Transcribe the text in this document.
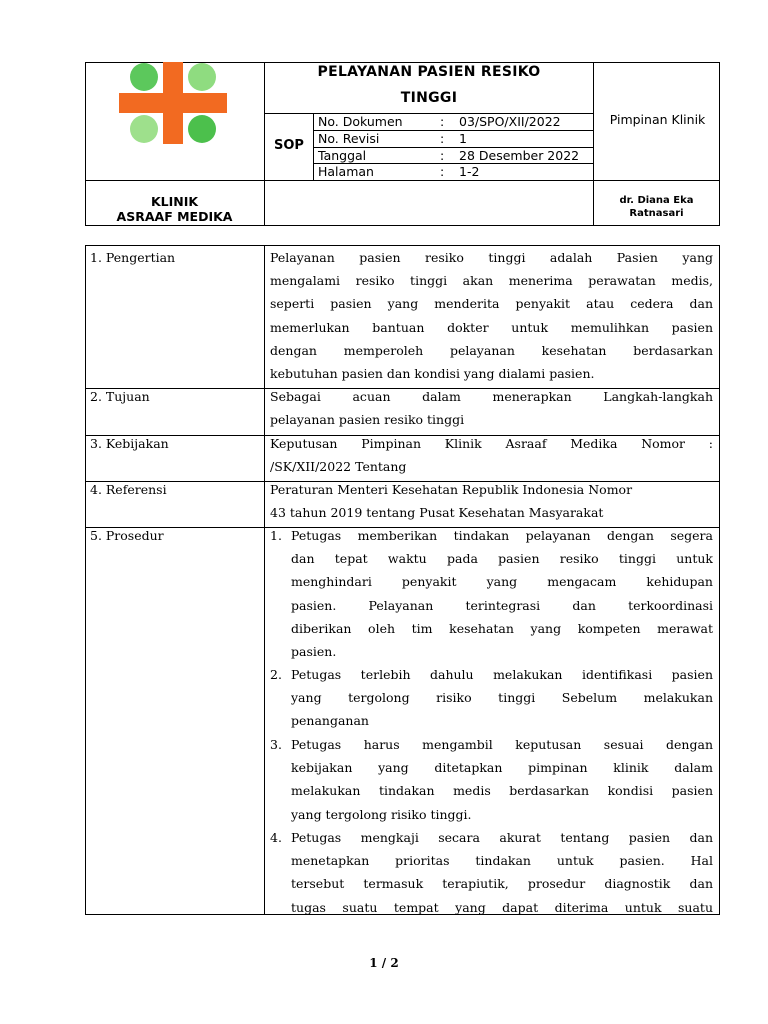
PELAYANAN PASIEN RESIKO
TINGGI
SOP
No. Dokumen	: 03/SPO/XII/2022
No. Revisi	: 1
Tanggal	: 28 Desember 2022
Halaman	: 1-2
Pimpinan Klinik
KLINIK
ASRAAF MEDIKA
dr. Diana Eka
Ratnasari
1. Pengertian	Pelayanan pasien resiko tinggi adalah Pasien yang
mengalami resiko tinggi akan menerima perawatan medis,
seperti pasien yang menderita penyakit atau cedera dan
memerlukan bantuan dokter untuk memulihkan pasien
dengan memperoleh pelayanan kesehatan berdasarkan
kebutuhan pasien dan kondisi yang dialami pasien.
2. Tujuan	Sebagai acuan dalam menerapkan Langkah-langkah
pelayanan pasien resiko tinggi
3. Kebijakan	Keputusan Pimpinan Klinik Asraaf Medika Nomor :
/SK/XII/2022 Tentang
4. Referensi	Peraturan Menteri Kesehatan Republik Indonesia Nomor
43 tahun 2019 tentang Pusat Kesehatan Masyarakat
5. Prosedur	1. Petugas memberikan tindakan pelayanan dengan segera
dan tepat waktu pada pasien resiko tinggi untuk
menghindari penyakit yang mengacam kehidupan
pasien. Pelayanan terintegrasi dan terkoordinasi
diberikan oleh tim kesehatan yang kompeten merawat
pasien.
2. Petugas terlebih dahulu melakukan identifikasi pasien
yang tergolong risiko tinggi Sebelum melakukan
penanganan
3. Petugas harus mengambil keputusan sesuai dengan
kebijakan yang ditetapkan pimpinan klinik dalam
melakukan tindakan medis berdasarkan kondisi pasien
yang tergolong risiko tinggi.
4. Petugas mengkaji secara akurat tentang pasien dan
menetapkan prioritas tindakan untuk pasien. Hal
tersebut termasuk terapiutik, prosedur diagnostik dan
tugas suatu tempat yang dapat diterima untuk suatu
1 / 2
